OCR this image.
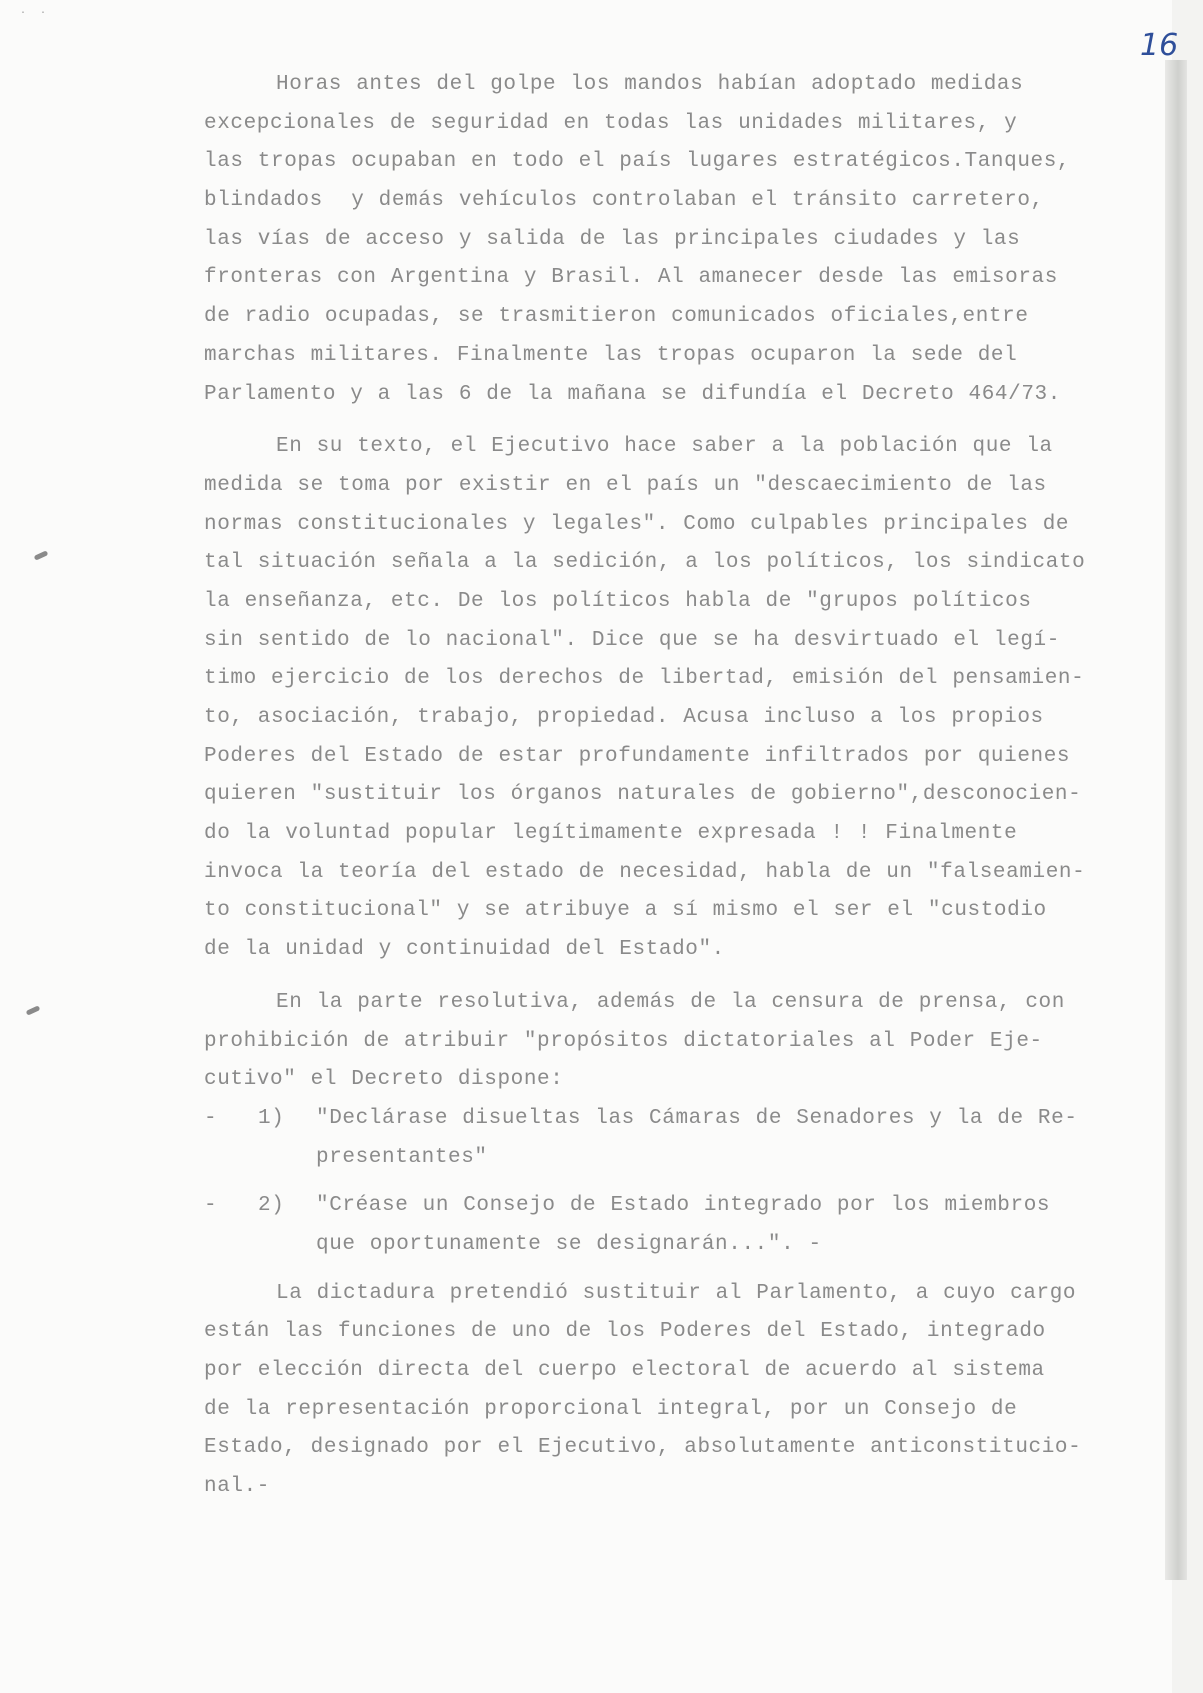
· ·
16
Horas antes del golpe los mandos habían adoptado medidas
excepcionales de seguridad en todas las unidades militares, y
las tropas ocupaban en todo el país lugares estratégicos.Tanques,
blindados  y demás vehículos controlaban el tránsito carretero,
las vías de acceso y salida de las principales ciudades y las
fronteras con Argentina y Brasil. Al amanecer desde las emisoras
de radio ocupadas, se trasmitieron comunicados oficiales,entre
marchas militares. Finalmente las tropas ocuparon la sede del
Parlamento y a las 6 de la mañana se difundía el Decreto 464/73.
En su texto, el Ejecutivo hace saber a la población que la
medida se toma por existir en el país un "descaecimiento de las
normas constitucionales y legales". Como culpables principales de
tal situación señala a la sedición, a los políticos, los sindicato
la enseñanza, etc. De los políticos habla de "grupos políticos
sin sentido de lo nacional". Dice que se ha desvirtuado el legí-
timo ejercicio de los derechos de libertad, emisión del pensamien-
to, asociación, trabajo, propiedad. Acusa incluso a los propios
Poderes del Estado de estar profundamente infiltrados por quienes
quieren "sustituir los órganos naturales de gobierno",desconocien-
do la voluntad popular legítimamente expresada ! ! Finalmente
invoca la teoría del estado de necesidad, habla de un "falseamien-
to constitucional" y se atribuye a sí mismo el ser el "custodio
de la unidad y continuidad del Estado".
En la parte resolutiva, además de la censura de prensa, con
prohibición de atribuir "propósitos dictatoriales al Poder Eje-
cutivo" el Decreto dispone:
- 1) "Declárase disueltas las Cámaras de Senadores y la de Re-
presentantes"
- 2) "Créase un Consejo de Estado integrado por los miembros
que oportunamente se designarán...". -
La dictadura pretendió sustituir al Parlamento, a cuyo cargo
están las funciones de uno de los Poderes del Estado, integrado
por elección directa del cuerpo electoral de acuerdo al sistema
de la representación proporcional integral, por un Consejo de
Estado, designado por el Ejecutivo, absolutamente anticonstitucio-
nal.-
